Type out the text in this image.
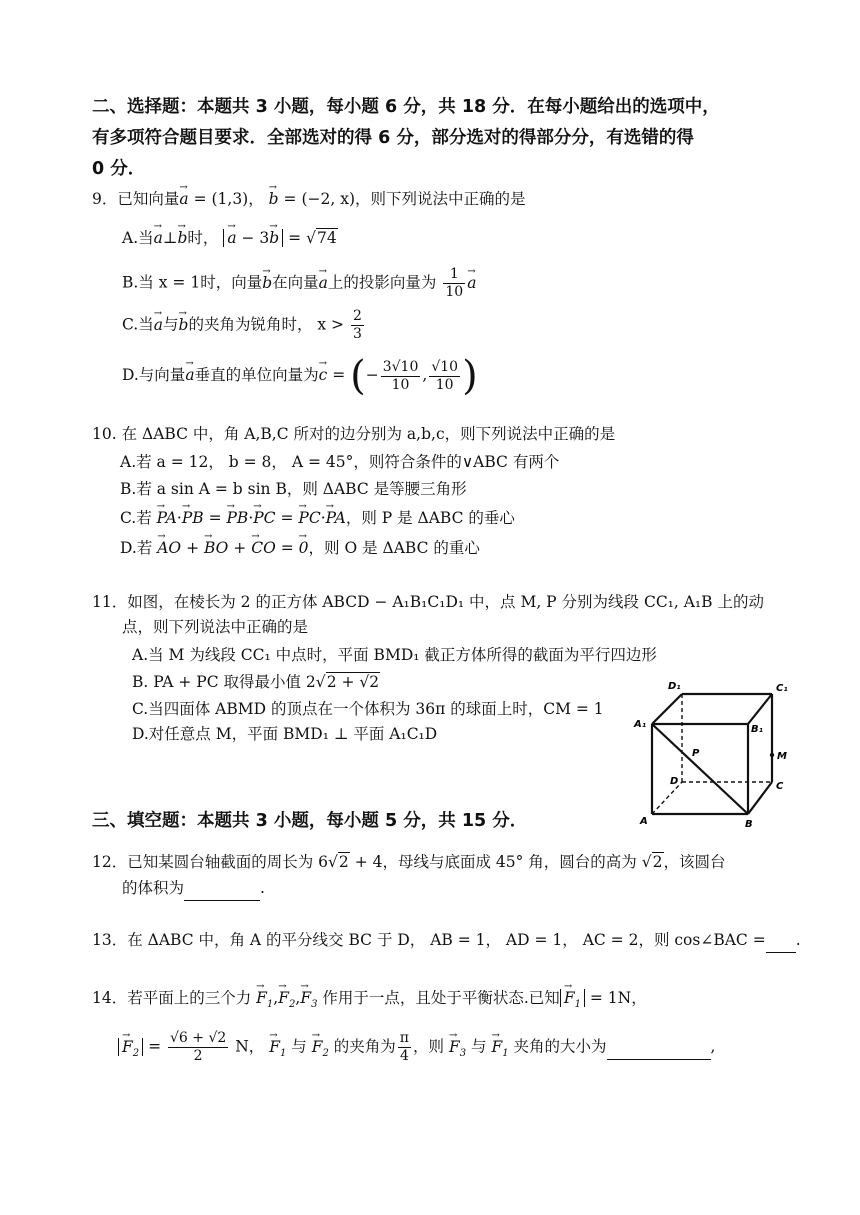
二、选择题：本题共 3 小题，每小题 6 分，共 18 分．在每小题给出的选项中，
有多项符合题目要求．全部选对的得 6 分，部分选对的得部分分，有选错的得
0 分．
9．已知向量→ a = (1,3)， → b = (−2, x)，则下列说法中正确的是
A.当→ a⊥→ b时， → a − 3→ b = √74
B.当 x = 1时，向量→ b在向量→ a上的投影向量为 $\frac{1}{10}$
→ a
C.当→ a与→ b的夹角为锐角时， $x > \frac{2}{3}$
D.与向量→ a垂直的单位向量为→ c = (− $\frac{3√10}{10}$ , $\frac{√10}{10}$ )
10. 在 ΔABC 中，角 A,B,C 所对的边分别为 a,b,c，则下列说法中正确的是
A.若 a = 12， b = 8， A = 45°，则符合条件的∨ABC 有两个
B.若 a sin A = b sin B，则 ΔABC 是等腰三角形
C.若 → PA·→ PB = → PB·→ PC = → PC·→ PA，则 P 是 ΔABC 的垂心
D.若 → AO + → BO + → CO = → 0，则 O 是 ΔABC 的重心
11．如图，在棱长为 2 的正方体 ABCD − A₁B₁C₁D₁ 中，点 M, P 分别为线段 CC₁, A₁B 上的动
点，则下列说法中正确的是
A.当 M 为线段 CC₁ 中点时，平面 BMD₁ 截正方体所得的截面为平行四边形
B. PA + PC 取得最小值 2√2 + √2
C.当四面体 ABMD 的顶点在一个体积为 36π 的球面上时，CM = 1
D.对任意点 M，平面 BMD₁ ⊥ 平面 A₁C₁D
D₁	C₁
A₁	B₁
P	M
D	C
A	B
三、填空题：本题共 3 小题，每小题 5 分，共 15 分．
12．已知某圆台轴截面的周长为 6√2 + 4，母线与底面成 45° 角，圆台的高为 √2，该圆台
的体积为	.
13．在 ΔABC 中，角 A 的平分线交 BC 于 D， AB = 1， AD = 1， AC = 2，则 cos∠BAC = .
14．若平面上的三个力 → $F_1,\to F_2,\to F_3$ 作用于一点，且处于平衡状态.已知→ $F_1 = 1N$，
→ $F_2 = \frac{√6 + √2}{2}$ N， → $F_1$ 与 → $F_2$ 的夹角为 $\frac{\pi}{4}$ ，则 → $F_3$ 与 → $F_1$ 夹角的大小为	,
